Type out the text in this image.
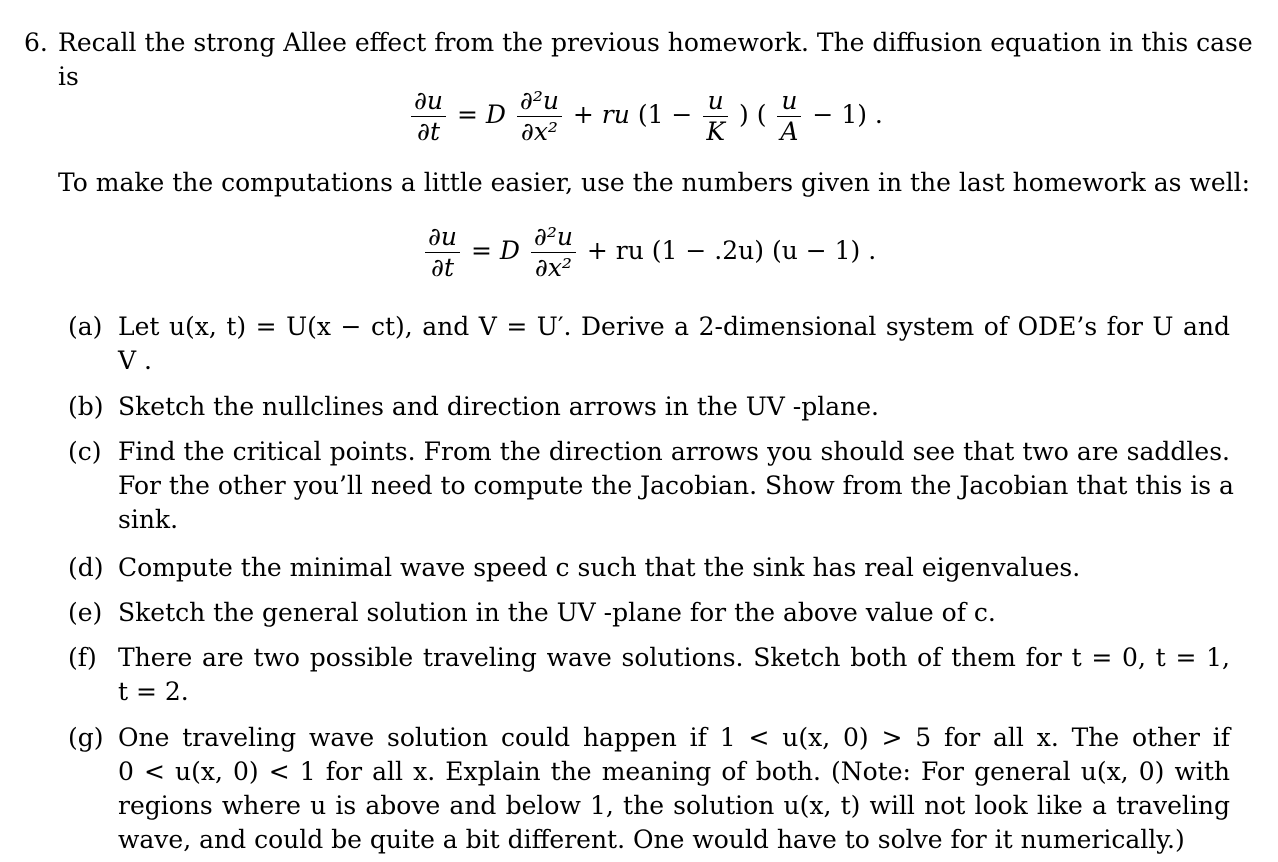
6. Recall the strong Allee effect from the previous homework. The diffusion equation in this case
is
$\frac{\partial u}{\partial t} = D \frac{\text{∂²u}}{\text{∂x²}}$ + ru ($1 - \frac{u}{K}$ ) ( $\frac{u}{A} - 1$) .
To make the computations a little easier, use the numbers given in the last homework as well:
$\frac{\partial u}{\partial t} = D \frac{\text{∂²u}}{\text{∂x²}}$ + ru (1 − .2u) (u − 1) .
(a) Let u(x, t) = U(x − ct), and V = U′. Derive a 2-dimensional system of ODE’s for U and
V .
(b) Sketch the nullclines and direction arrows in the UV -plane.
(c) Find the critical points. From the direction arrows you should see that two are saddles.
For the other you’ll need to compute the Jacobian. Show from the Jacobian that this is a
sink.
(d) Compute the minimal wave speed c such that the sink has real eigenvalues.
(e) Sketch the general solution in the UV -plane for the above value of c.
(f) There are two possible traveling wave solutions. Sketch both of them for t = 0, t = 1,
t = 2.
(g) One traveling wave solution could happen if 1 < u(x, 0) > 5 for all x. The other if
0 < u(x, 0) < 1 for all x. Explain the meaning of both. (Note: For general u(x, 0) with
regions where u is above and below 1, the solution u(x, t) will not look like a traveling
wave, and could be quite a bit different. One would have to solve for it numerically.)
